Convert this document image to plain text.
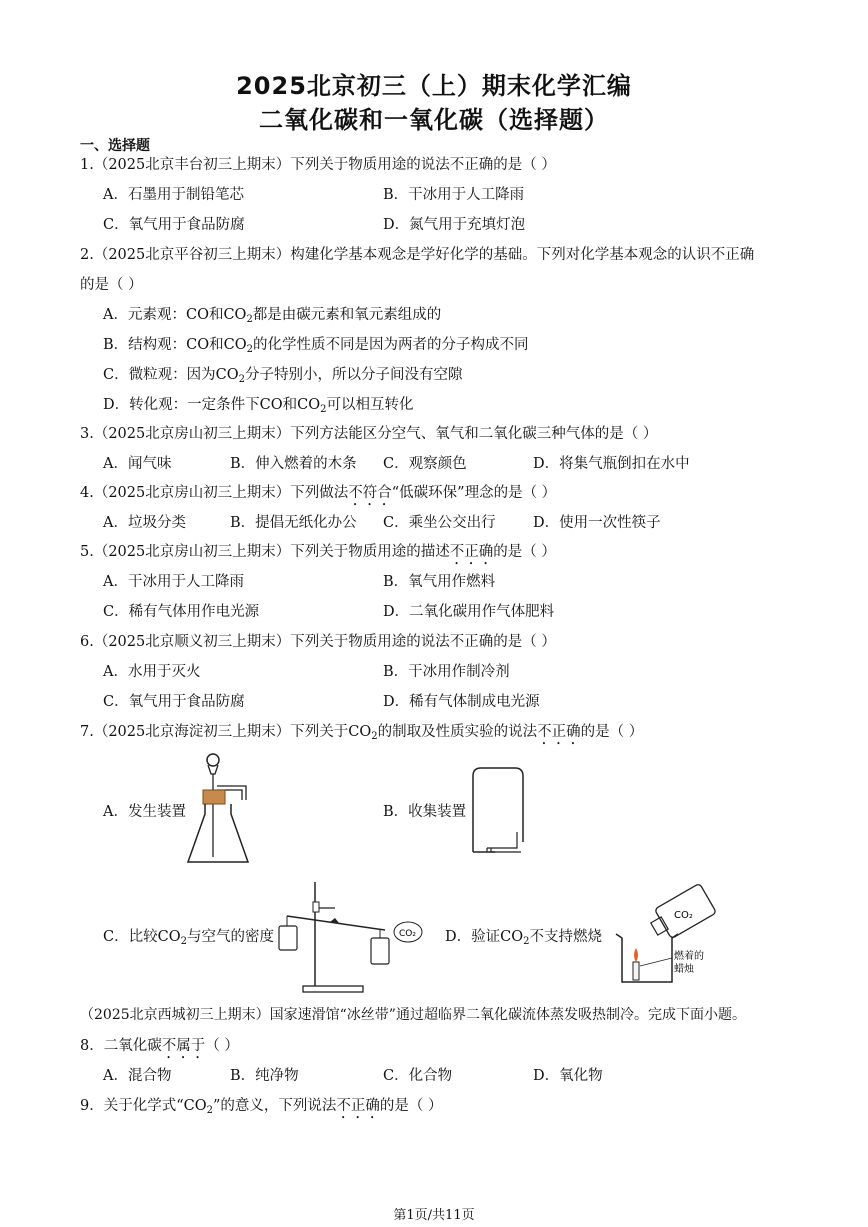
2025北京初三（上）期末化学汇编
二氧化碳和一氧化碳（选择题）
一、选择题
1.（2025北京丰台初三上期末）下列关于物质用途的说法不正确的是（ ）
A．石墨用于制铅笔芯	B．干冰用于人工降雨
C．氧气用于食品防腐	D．氮气用于充填灯泡
2.（2025北京平谷初三上期末）构建化学基本观念是学好化学的基础。下列对化学基本观念的认识不正确
的是（ ）
A．元素观：CO和$CO_2$都是由碳元素和氧元素组成的
B．结构观：CO和$CO_2$的化学性质不同是因为两者的分子构成不同
C．微粒观：因为$CO_2$分子特别小，所以分子间没有空隙
D．转化观：一定条件下CO和$CO_2$可以相互转化
3.（2025北京房山初三上期末）下列方法能区分空气、氧气和二氧化碳三种气体的是（ ）
A．闻气味	B．伸入燃着的木条 C．观察颜色	D．将集气瓶倒扣在水中
4.（2025北京房山初三上期末）下列做法不符合“低碳环保”理念的是（ ）
A．垃圾分类	B．提倡无纸化办公 C．乘坐公交出行	D．使用一次性筷子
5.（2025北京房山初三上期末）下列关于物质用途的描述不正确的是（ ）
A．干冰用于人工降雨	B．氧气用作燃料
C．稀有气体用作电光源	D．二氧化碳用作气体肥料
6.（2025北京顺义初三上期末）下列关于物质用途的说法不正确的是（ ）
A．水用于灭火	B．干冰用作制冷剂
C．氧气用于食品防腐	D．稀有气体制成电光源
7.（2025北京海淀初三上期末）下列关于$CO_2$的制取及性质实验的说法不正确的是（ ）
A．发生装置	B．收集装置
C．比较$CO_2$与空气的密度	CO₂ D．验证$CO_2$不支持燃烧
CO₂
燃着的
蜡烛
（2025北京西城初三上期末）国家速滑馆“冰丝带”通过超临界二氧化碳流体蒸发吸热制冷。完成下面小题。
8．二氧化碳不属于（ ）
A．混合物	B．纯净物	C．化合物	D．氧化物
9．关于化学式“$CO_2$”的意义，下列说法不正确的是（ ）
第1页/共11页
